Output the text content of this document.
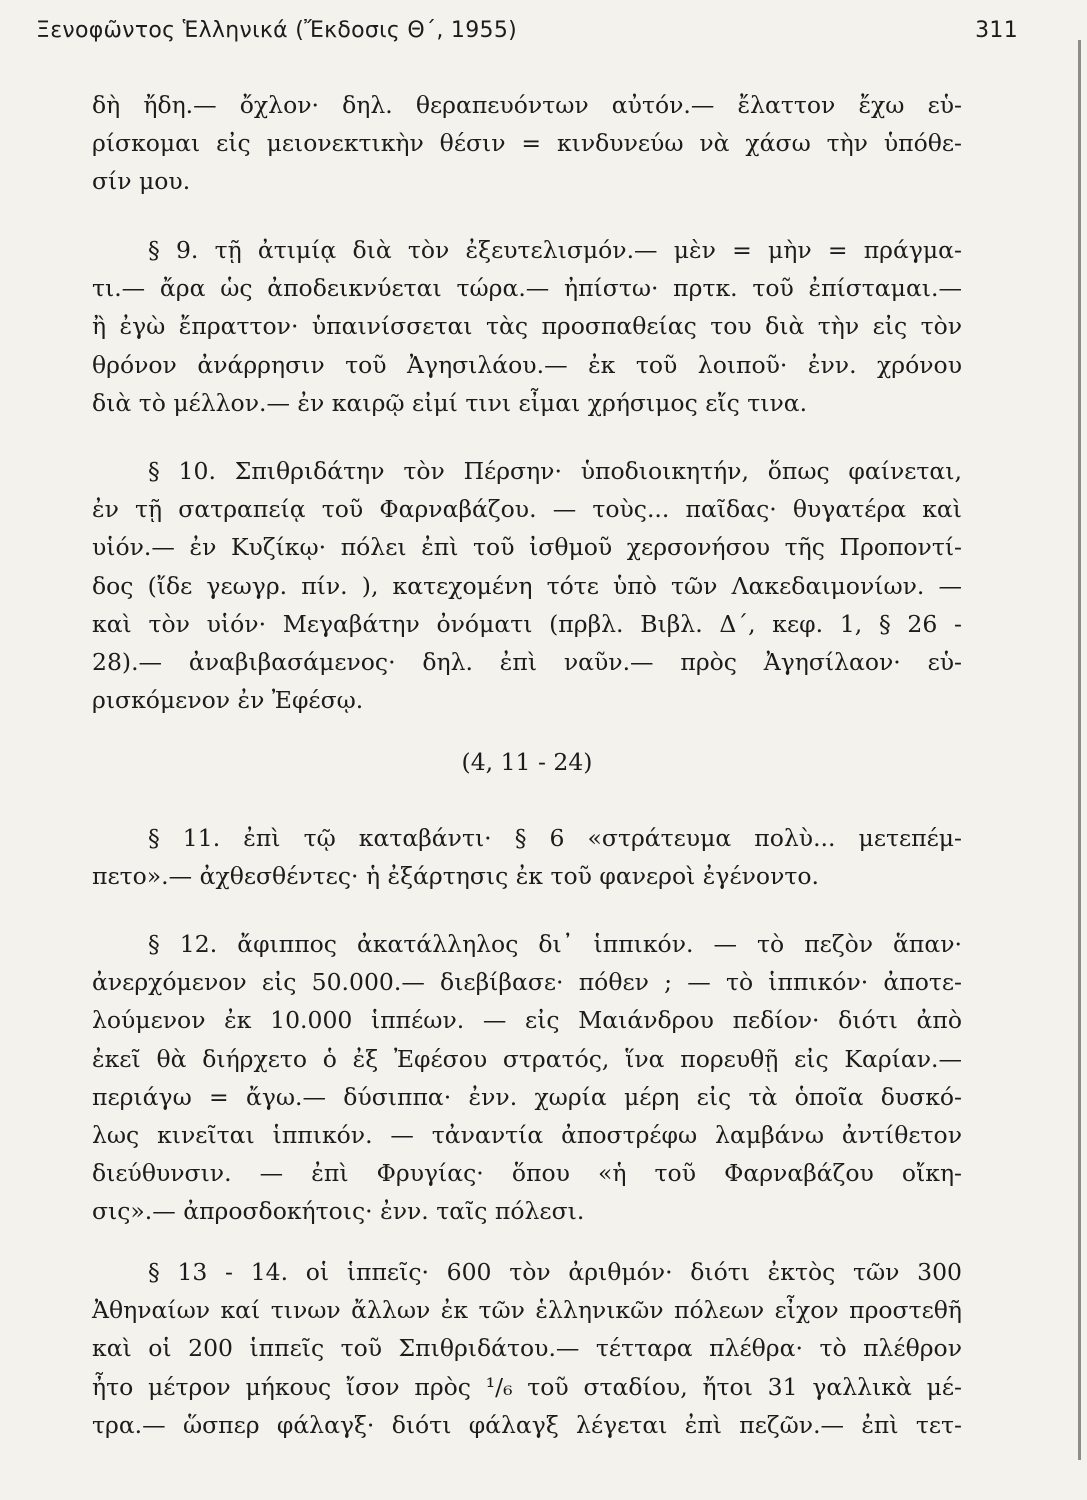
Ξενοφῶντος Ἑλληνικά (Ἔκδοσις Θ΄, 1955)	311
δὴ ἤδη.— ὄχλον· δηλ. θεραπευόντων αὐτόν.— ἔλαττον ἔχω εὑ-
ρίσκομαι εἰς μειονεκτικὴν θέσιν = κινδυνεύω νὰ χάσω τὴν ὑπόθε-
σίν μου.
§ 9. τῇ ἀτιμίᾳ διὰ τὸν ἐξευτελισμόν.— μὲν = μὴν = πράγμα-
τι.— ἄρα ὡς ἀποδεικνύεται τώρα.— ἠπίστω· πρτκ. τοῦ ἐπίσταμαι.—
ἢ ἐγὼ ἔπραττον· ὑπαινίσσεται τὰς προσπαθείας του διὰ τὴν εἰς τὸν
θρόνον ἀνάρρησιν τοῦ Ἀγησιλάου.— ἐκ τοῦ λοιποῦ· ἐνν. χρόνου
διὰ τὸ μέλλον.— ἐν καιρῷ εἰμί τινι εἶμαι χρήσιμος εἴς τινα.
§ 10. Σπιθριδάτην τὸν Πέρσην· ὑποδιοικητήν, ὅπως φαίνεται,
ἐν τῇ σατραπείᾳ τοῦ Φαρναβάζου. — τοὺς... παῖδας· θυγατέρα καὶ
υἱόν.— ἐν Κυζίκῳ· πόλει ἐπὶ τοῦ ἰσθμοῦ χερσονήσου τῆς Προποντί-
δος (ἴδε γεωγρ. πίν. ), κατεχομένη τότε ὑπὸ τῶν Λακεδαιμονίων. —
καὶ τὸν υἱόν· Μεγαβάτην ὀνόματι (πρβλ. Βιβλ. Δ΄, κεφ. 1, § 26 -
28).— ἀναβιβασάμενος· δηλ. ἐπὶ ναῦν.— πρὸς Ἀγησίλαον· εὑ-
ρισκόμενον ἐν Ἐφέσῳ.
(4, 11 - 24)
§ 11. ἐπὶ τῷ καταβάντι· § 6 «στράτευμα πολὺ... μετεπέμ-
πετο».— ἀχθεσθέντες· ἡ ἐξάρτησις ἐκ τοῦ φανεροὶ ἐγένοντο.
§ 12. ἄφιππος ἀκατάλληλος δι᾽ ἱππικόν. — τὸ πεζὸν ἅπαν·
ἀνερχόμενον εἰς 50.000.— διεβίβασε· πόθεν ; — τὸ ἱππικόν· ἀποτε-
λούμενον ἐκ 10.000 ἱππέων. — εἰς Μαιάνδρου πεδίον· διότι ἀπὸ
ἐκεῖ θὰ διήρχετο ὁ ἐξ Ἐφέσου στρατός, ἵνα πορευθῇ εἰς Καρίαν.—
περιάγω = ἄγω.— δύσιππα· ἐνν. χωρία μέρη εἰς τὰ ὁποῖα δυσκό-
λως κινεῖται ἱππικόν. — τἀναντία ἀποστρέφω λαμβάνω ἀντίθετον
διεύθυνσιν. — ἐπὶ Φρυγίας· ὅπου «ἡ τοῦ Φαρναβάζου οἴκη-
σις».— ἀπροσδοκήτοις· ἐνν. ταῖς πόλεσι.
§ 13 - 14. οἱ ἱππεῖς· 600 τὸν ἀριθμόν· διότι ἐκτὸς τῶν 300
Ἀθηναίων καί τινων ἄλλων ἐκ τῶν ἑλληνικῶν πόλεων εἶχον προστεθῆ
καὶ οἱ 200 ἱππεῖς τοῦ Σπιθριδάτου.— τέτταρα πλέθρα· τὸ πλέθρον
ἦτο μέτρον μήκους ἴσον πρὸς ¹/₆ τοῦ σταδίου, ἤτοι 31 γαλλικὰ μέ-
τρα.— ὥσπερ φάλαγξ· διότι φάλαγξ λέγεται ἐπὶ πεζῶν.— ἐπὶ τετ-
